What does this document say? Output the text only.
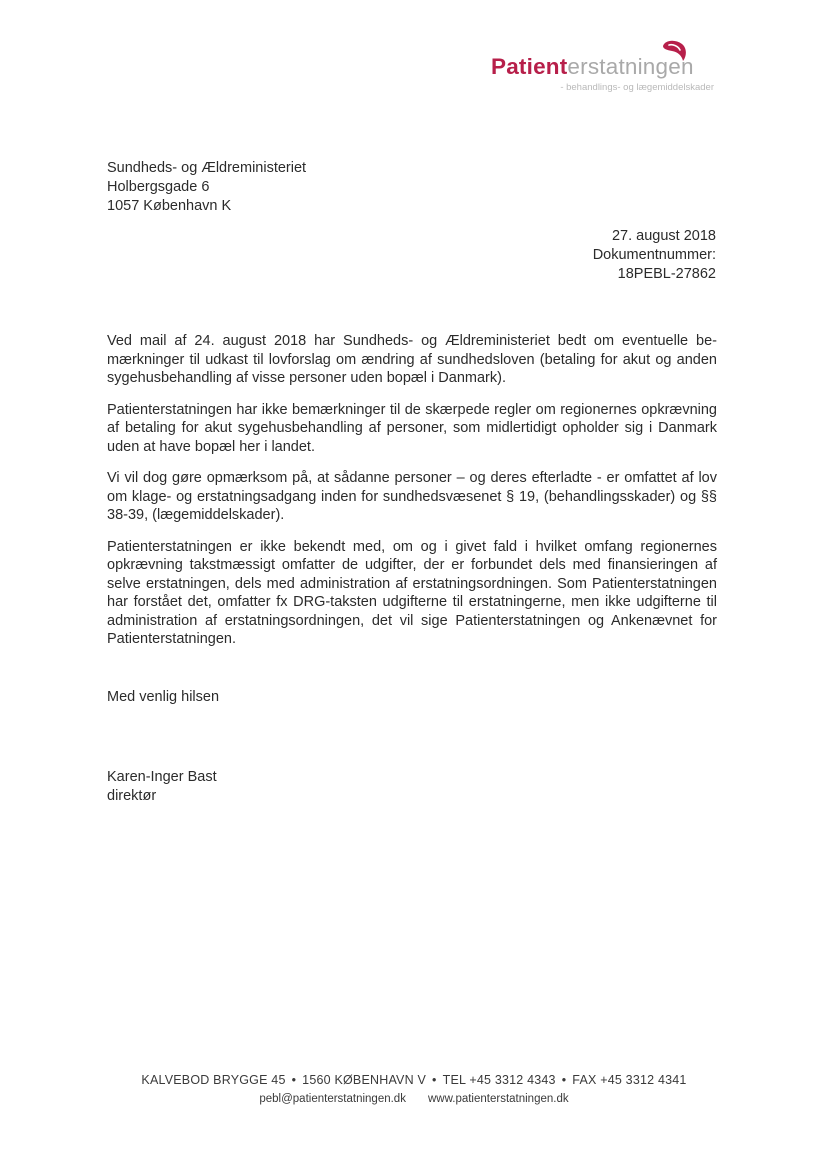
Patienterstatningen
- behandlings- og lægemiddelskader
Sundheds- og Ældreministeriet
Holbergsgade 6
1057 København K
27. august 2018
Dokumentnummer:
18PEBL-27862

Ved mail af 24. august 2018 har Sundheds- og Ældreministeriet bedt om eventuelle bemærkninger til udkast til lovforslag om ændring af sundhedsloven (betaling for akut og anden sygehusbehandling af visse personer uden bopæl i Danmark).

Patienterstatningen har ikke bemærkninger til de skærpede regler om regionernes opkrævning af betaling for akut sygehusbehandling af personer, som midlertidigt opholder sig i Danmark uden at have bopæl her i landet.

Vi vil dog gøre opmærksom på, at sådanne personer – og deres efterladte - er omfattet af lov om klage- og erstatningsadgang inden for sundhedsvæsenet § 19, (behandlingsskader) og §§ 38-39, (lægemiddelskader).

Patienterstatningen er ikke bekendt med, om og i givet fald i hvilket omfang regionernes opkrævning takstmæssigt omfatter de udgifter, der er forbundet dels med finansieringen af selve erstatningen, dels med administration af erstatningsordningen. Som Patienterstatningen har forstået det, omfatter fx DRG-taksten udgifterne til erstatningerne, men ikke udgifterne til administration af erstatningsordningen, det vil sige Patienterstatningen og Ankenævnet for Patienterstatningen.

Med venlig hilsen
Karen-Inger Bast
direktør
KALVEBOD BRYGGE 45 • 1560 KØBENHAVN V • TEL +45 3312 4343 • FAX +45 3312 4341
pebl@patienterstatningen.dk www.patienterstatningen.dk
